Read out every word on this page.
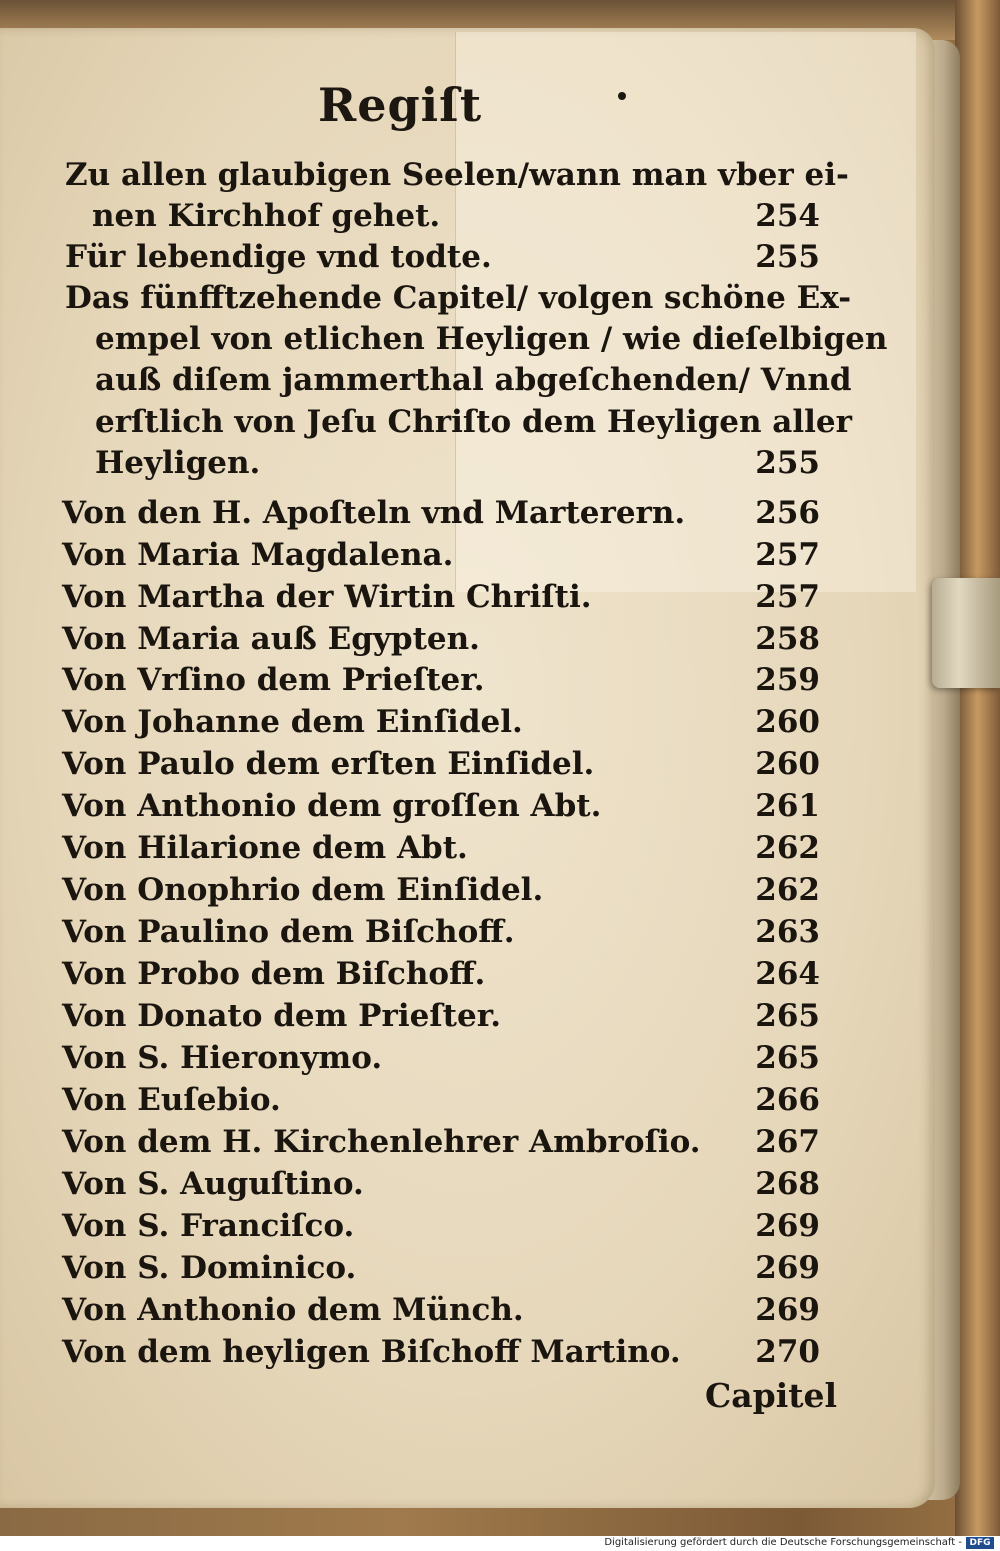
Regiſt
Zu allen glaubigen Seelen/wann man vber ei-
nen Kirchhof gehet.	254
Für lebendige vnd todte.	255
Das fünfftzehende Capitel/ volgen schöne Ex-
empel von etlichen Heyligen / wie dieſelbigen
auß diſem jammerthal abgeſchenden/ Vnnd
erſtlich von Jeſu Chriſto dem Heyligen aller
Heyligen.	255
Von den H. Apoſteln vnd Marterern. 256
Von Maria Magdalena.	257
Von Martha der Wirtin Chriſti.	257
Von Maria auß Egypten.	258
Von Vrſino dem Prieſter.	259
Von Johanne dem Einſidel.	260
Von Paulo dem erſten Einſidel.	260
Von Anthonio dem groſſen Abt.	261
Von Hilarione dem Abt.	262
Von Onophrio dem Einſidel.	262
Von Paulino dem Biſchoff.	263
Von Probo dem Biſchoff.	264
Von Donato dem Prieſter.	265
Von S. Hieronymo.	265
Von Euſebio.	266
Von dem H. Kirchenlehrer Ambroſio. 267
Von S. Auguſtino.	268
Von S. Franciſco.	269
Von S. Dominico.	269
Von Anthonio dem Münch.	269
Von dem heyligen Biſchoff Martino. 270
Capitel
Digitalisierung gefördert durch die Deutsche Forschungsgemeinschaft - DFG
